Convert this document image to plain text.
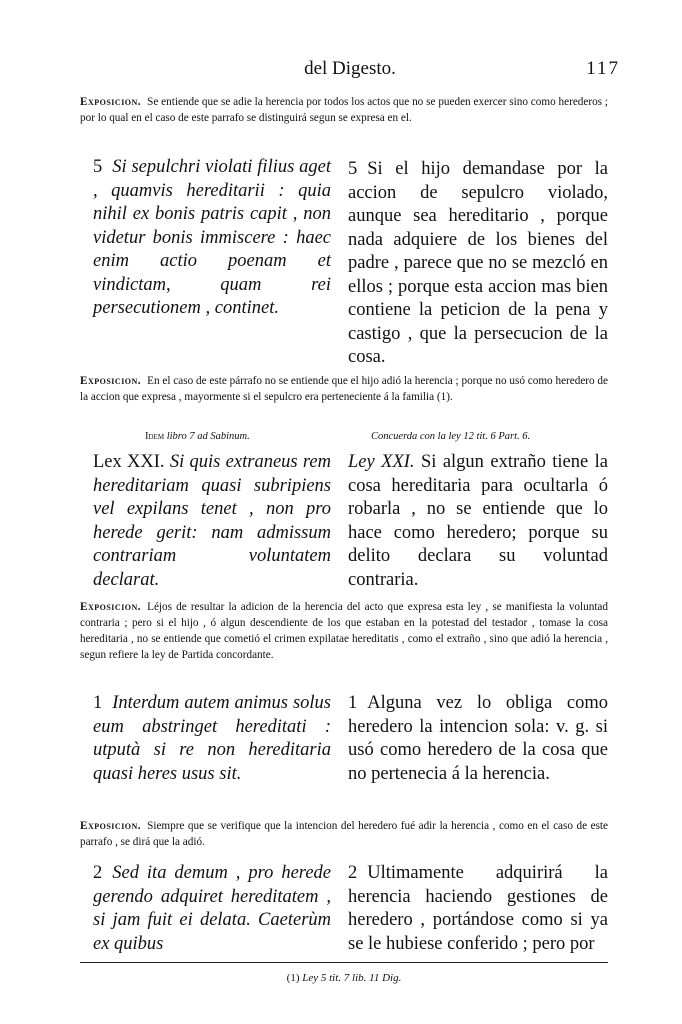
del Digesto.	117
Exposicion. Se entiende que se adie la herencia por todos los actos que no se pueden exercer sino como herederos ; por lo qual en el caso de este parrafo se distinguirá segun se expresa en el.
5 Si sepulchri violati filius aget , quamvis hereditarii : quia nihil ex bonis patris capit , non videtur bonis immiscere : haec enim actio poenam et vindictam, quam rei persecutionem , continet.
5 Si el hijo demandase por la accion de sepulcro violado, aunque sea hereditario , porque nada adquiere de los bienes del padre , parece que no se mezcló en ellos ; porque esta accion mas bien contiene la peticion de la pena y castigo , que la persecucion de la cosa.
Exposicion. En el caso de este párrafo no se entiende que el hijo adió la herencia ; porque no usó como heredero de la accion que expresa , mayormente si el sepulcro era perteneciente á la familia (1).
Idem libro 7 ad Sabinum.	Concuerda con la ley 12 tit. 6 Part. 6.
Lex XXI. Si quis extraneus rem hereditariam quasi subripiens vel expilans tenet , non pro herede gerit: nam admissum contrariam voluntatem declarat.
Ley XXI. Si algun extraño tiene la cosa hereditaria para ocultarla ó robarla , no se entiende que lo hace como heredero; porque su delito declara su voluntad contraria.
Exposicion. Léjos de resultar la adicion de la herencia del acto que expresa esta ley , se manifiesta la voluntad contraria ; pero si el hijo , ó algun descendiente de los que estaban en la potestad del testador , tomase la cosa hereditaria , no se entiende que cometió el crimen expilatae hereditatis , como el extraño , sino que adió la herencia , segun refiere la ley de Partida concordante.
1 Interdum autem animus solus eum abstringet hereditati : utputà si re non hereditaria quasi heres usus sit.
1 Alguna vez lo obliga como heredero la intencion sola: v. g. si usó como heredero de la cosa que no pertenecia á la herencia.
Exposicion. Siempre que se verifique que la intencion del heredero fué adir la herencia , como en el caso de este parrafo , se dirá que la adió.
2 Sed ita demum , pro herede gerendo adquiret hereditatem , si jam fuit ei delata. Caeterùm ex quibus
2 Ultimamente adquirirá la herencia haciendo gestiones de heredero , portándose como si ya se le hubiese conferido ; pero por
(1) Ley 5 tit. 7 lib. 11 Dig.
